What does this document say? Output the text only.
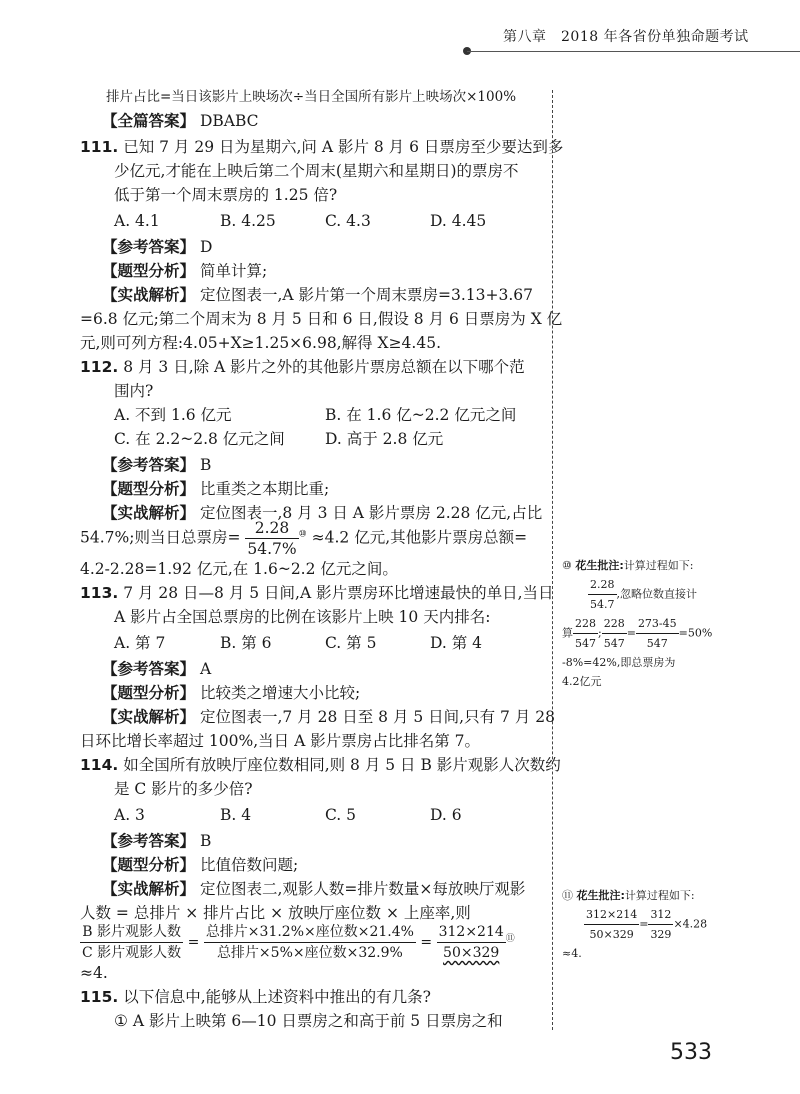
第八章　2018 年各省份单独命题考试
排片占比=当日该影片上映场次÷当日全国所有影片上映场次×100%
【全篇答案】 DBABC
111. 已知 7 月 29 日为星期六,问 A 影片 8 月 6 日票房至少要达到多
少亿元,才能在上映后第二个周末(星期六和星期日)的票房不
低于第一个周末票房的 1.25 倍?
A. 4.1	B. 4.25	C. 4.3	D. 4.45
【参考答案】 D
【题型分析】 简单计算;
【实战解析】 定位图表一,A 影片第一个周末票房=3.13+3.67
=6.8 亿元;第二个周末为 8 月 5 日和 6 日,假设 8 月 6 日票房为 X 亿
元,则可列方程:4.05+X≥1.25×6.98,解得 X≥4.45.
112. 8 月 3 日,除 A 影片之外的其他影片票房总额在以下哪个范
围内?
A. 不到 1.6 亿元	B. 在 1.6 亿~2.2 亿元之间
C. 在 2.2~2.8 亿元之间	D. 高于 2.8 亿元
【参考答案】 B
【题型分析】 比重类之本期比重;
【实战解析】 定位图表一,8 月 3 日 A 影片票房 2.28 亿元,占比
54.7%;则当日总票房= $\frac{2.28}{54.7\%} ^⑩ \approx 4.2$ 亿元,其他影片票房总额=
4.2-2.28=1.92 亿元,在 1.6~2.2 亿元之间。
113. 7 月 28 日—8 月 5 日间,A 影片票房环比增速最快的单日,当日
A 影片占全国总票房的比例在该影片上映 10 天内排名:
A. 第 7	B. 第 6	C. 第 5	D. 第 4
【参考答案】 A
【题型分析】 比较类之增速大小比较;
【实战解析】 定位图表一,7 月 28 日至 8 月 5 日间,只有 7 月 28
日环比增长率超过 100%,当日 A 影片票房占比排名第 7。
114. 如全国所有放映厅座位数相同,则 8 月 5 日 B 影片观影人次数约
是 C 影片的多少倍?
A. 3	B. 4	C. 5	D. 6
【参考答案】 B
【题型分析】 比值倍数问题;
【实战解析】 定位图表二,观影人数=排片数量×每放映厅观影
人数 = 总排片 × 排片占比 × 放映厅座位数 × 上座率,则
$\frac{\text{B 影片观影人数}}{\text{C 影片观影人数}} = \frac{\text{总排片×31.2\%×座位数×21.4\%}}{\text{总排片×5\%×座位数×32.9\%}} = \frac{312\times 214}{50\times 329} ^⑪$
≈4.
115. 以下信息中,能够从上述资料中推出的有几条?
① A 影片上映第 6—10 日票房之和高于前 5 日票房之和
⑩ 花生批注:计算过程如下:
$\frac{2.28}{54.7}$ ,忽略位数直接计
算 $\frac{228}{547}$ ; $\frac{228}{547} = \frac{273-45}{547} =50\%$
-8%=42%,即总票房为
4.2亿元
⑪ 花生批注:计算过程如下:
$\frac{312\times 214}{50\times 329} = \frac{312}{329} \times 4.28$
≈4.
533
